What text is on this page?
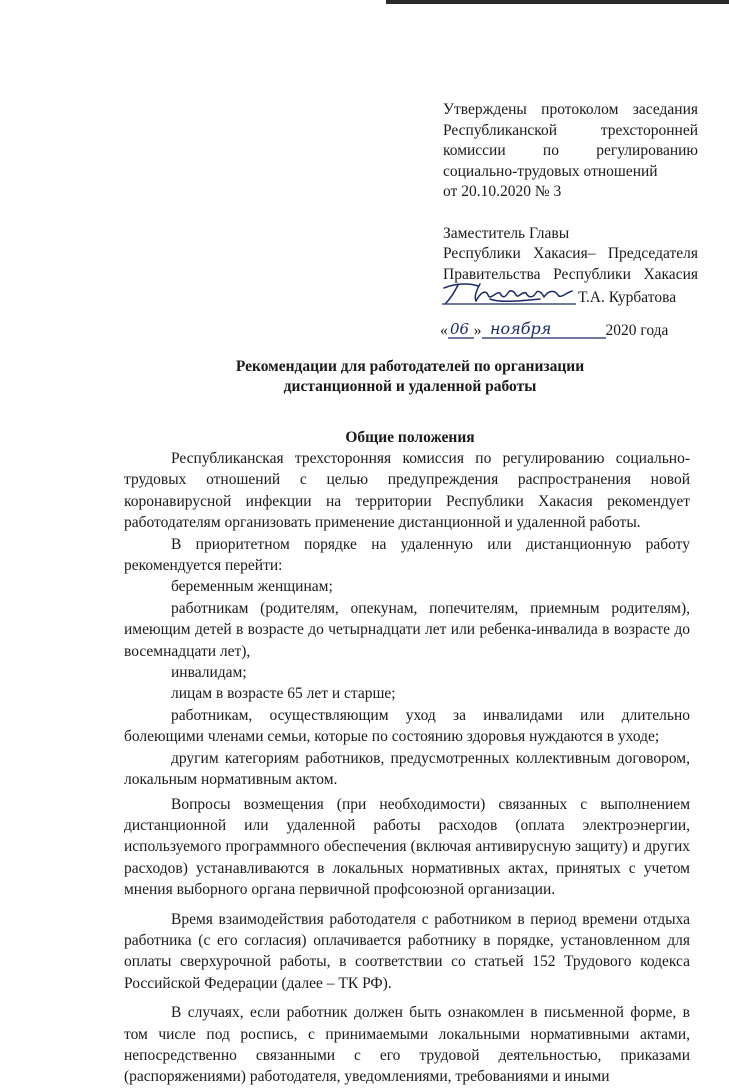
Утверждены протоколом заседания
Республиканской трехсторонней
комиссии по регулированию
социально-трудовых отношений
от 20.10.2020 № 3
Заместитель Главы
Республики Хакасия– Председателя
Правительства Республики Хакасия
Т.А. Курбатова
« 06 » ноября	2020 года
Рекомендации для работодателей по организации
дистанционной и удаленной работы
Общие положения

Республиканская трехсторонняя комиссия по регулированию социально-трудовых отношений с целью предупреждения распространения новой коронавирусной инфекции на территории Республики Хакасия рекомендует работодателям организовать применение дистанционной и удаленной работы.

В приоритетном порядке на удаленную или дистанционную работу рекомендуется перейти:

беременным женщинам;

работникам (родителям, опекунам, попечителям, приемным родителям), имеющим детей в возрасте до четырнадцати лет или ребенка-инвалида в возрасте до восемнадцати лет),

инвалидам;

лицам в возрасте 65 лет и старше;

работникам, осуществляющим уход за инвалидами или длительно болеющими членами семьи, которые по состоянию здоровья нуждаются в уходе;

другим категориям работников, предусмотренных коллективным договором, локальным нормативным актом.

Вопросы возмещения (при необходимости) связанных с выполнением дистанционной или удаленной работы расходов (оплата электроэнергии, используемого программного обеспечения (включая антивирусную защиту) и других расходов) устанавливаются в локальных нормативных актах, принятых с учетом мнения выборного органа первичной профсоюзной организации.

Время взаимодействия работодателя с работником в период времени отдыха работника (с его согласия) оплачивается работнику в порядке, установленном для оплаты сверхурочной работы, в соответствии со статьей 152 Трудового кодекса Российской Федерации (далее – ТК РФ).

В случаях, если работник должен быть ознакомлен в письменной форме, в том числе под роспись, с принимаемыми локальными нормативными актами, непосредственно связанными с его трудовой деятельностью, приказами (распоряжениями) работодателя, уведомлениями, требованиями и иными
